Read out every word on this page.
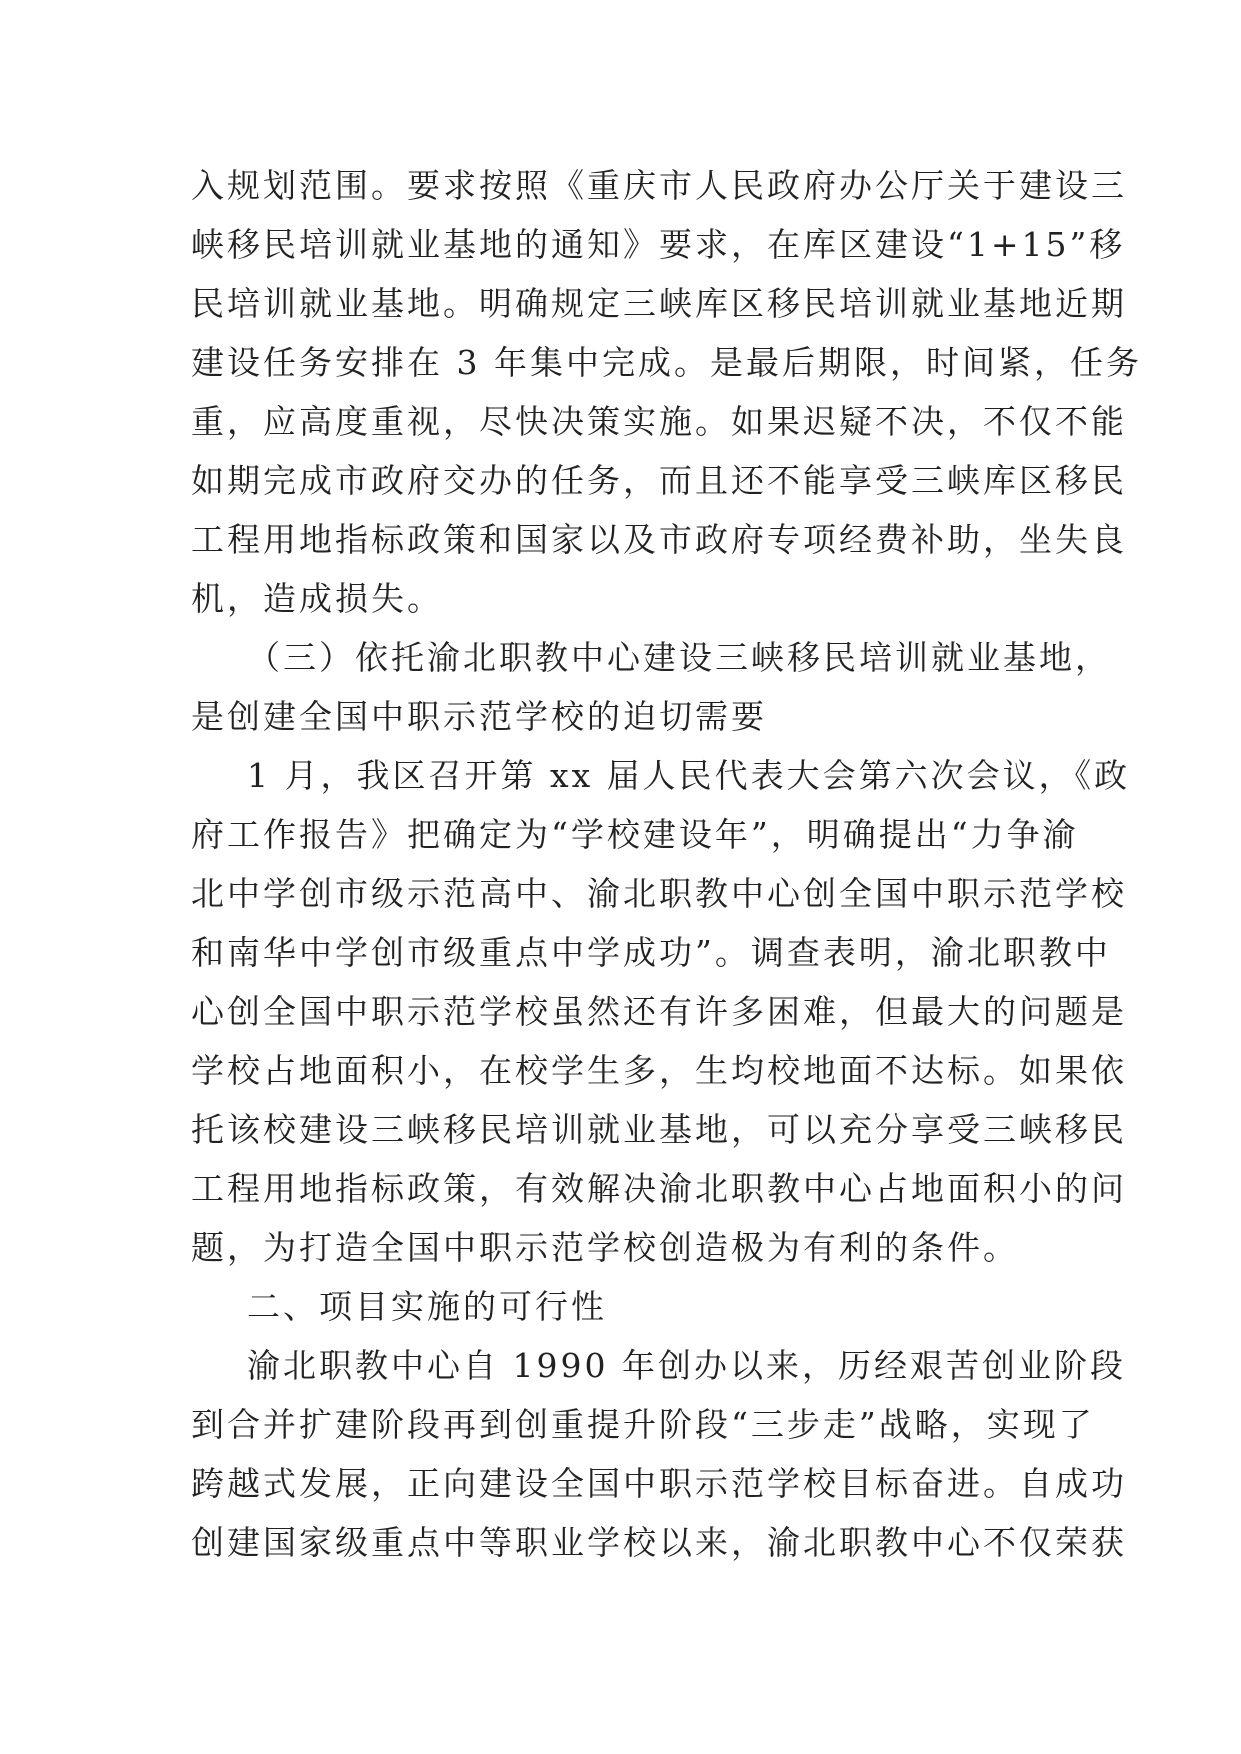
入规划范围。要求按照《重庆市人民政府办公厅关于建设三
峡移民培训就业基地的通知》要求，在库区建设“1+15”移
民培训就业基地。明确规定三峡库区移民培训就业基地近期
建设任务安排在 3 年集中完成。是最后期限，时间紧，任务
重，应高度重视，尽快决策实施。如果迟疑不决，不仅不能
如期完成市政府交办的任务，而且还不能享受三峡库区移民
工程用地指标政策和国家以及市政府专项经费补助，坐失良
机，造成损失。
（三）依托渝北职教中心建设三峡移民培训就业基地，
是创建全国中职示范学校的迫切需要
1 月，我区召开第 xx 届人民代表大会第六次会议，《政
府工作报告》把确定为“学校建设年”，明确提出“力争渝
北中学创市级示范高中、渝北职教中心创全国中职示范学校
和南华中学创市级重点中学成功”。调查表明，渝北职教中
心创全国中职示范学校虽然还有许多困难，但最大的问题是
学校占地面积小，在校学生多，生均校地面不达标。如果依
托该校建设三峡移民培训就业基地，可以充分享受三峡移民
工程用地指标政策，有效解决渝北职教中心占地面积小的问
题，为打造全国中职示范学校创造极为有利的条件。
二、项目实施的可行性
渝北职教中心自 1990 年创办以来，历经艰苦创业阶段
到合并扩建阶段再到创重提升阶段“三步走”战略，实现了
跨越式发展，正向建设全国中职示范学校目标奋进。自成功
创建国家级重点中等职业学校以来，渝北职教中心不仅荣获
